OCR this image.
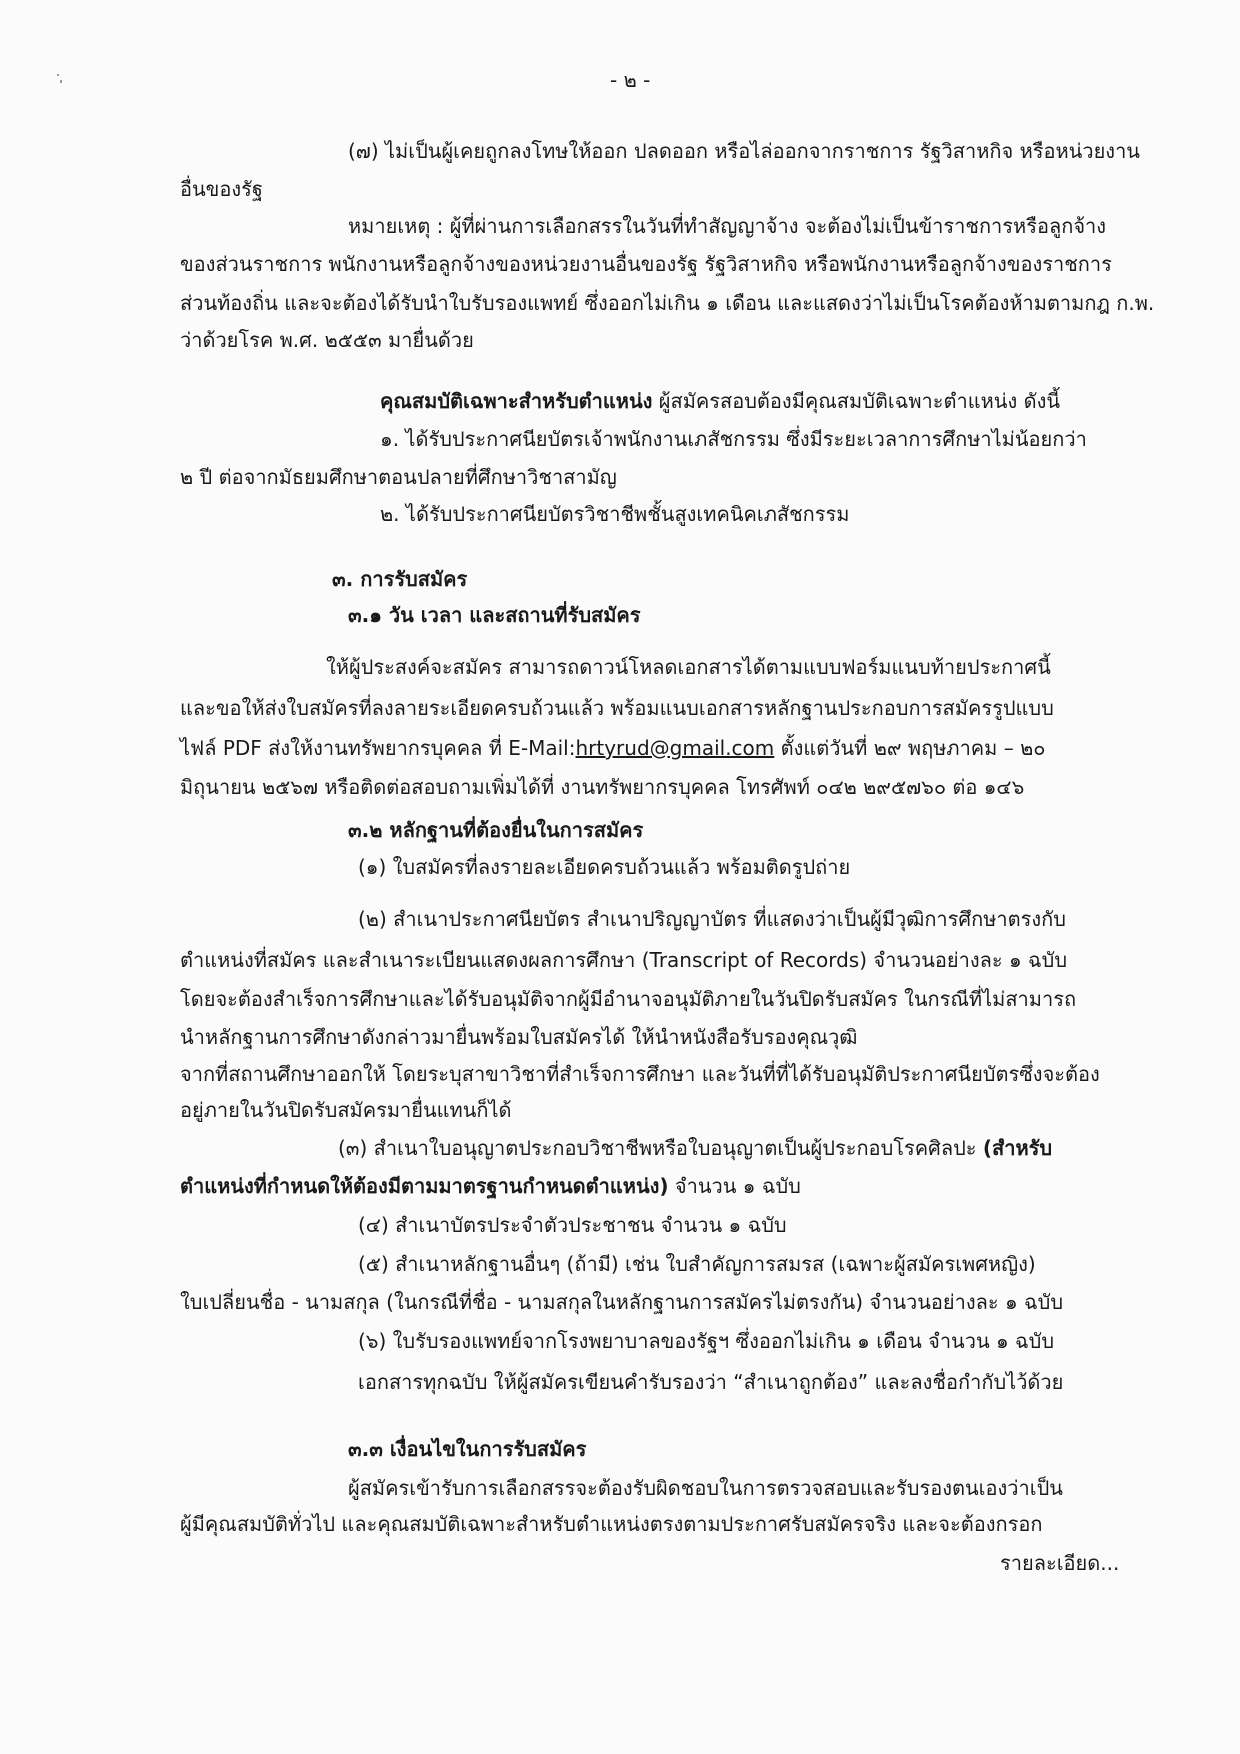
- ๒ -
(๗) ไม่เป็นผู้เคยถูกลงโทษให้ออก ปลดออก หรือไล่ออกจากราชการ รัฐวิสาหกิจ หรือหน่วยงาน
อื่นของรัฐ
หมายเหตุ : ผู้ที่ผ่านการเลือกสรรในวันที่ทำสัญญาจ้าง จะต้องไม่เป็นข้าราชการหรือลูกจ้าง
ของส่วนราชการ พนักงานหรือลูกจ้างของหน่วยงานอื่นของรัฐ รัฐวิสาหกิจ หรือพนักงานหรือลูกจ้างของราชการ
ส่วนท้องถิ่น และจะต้องได้รับนำใบรับรองแพทย์ ซึ่งออกไม่เกิน ๑ เดือน และแสดงว่าไม่เป็นโรคต้องห้ามตามกฎ ก.พ.
ว่าด้วยโรค พ.ศ. ๒๕๕๓ มายื่นด้วย
คุณสมบัติเฉพาะสำหรับตำแหน่ง ผู้สมัครสอบต้องมีคุณสมบัติเฉพาะตำแหน่ง ดังนี้
๑. ได้รับประกาศนียบัตรเจ้าพนักงานเภสัชกรรม ซึ่งมีระยะเวลาการศึกษาไม่น้อยกว่า
๒ ปี ต่อจากมัธยมศึกษาตอนปลายที่ศึกษาวิชาสามัญ
๒. ได้รับประกาศนียบัตรวิชาชีพชั้นสูงเทคนิคเภสัชกรรม
๓. การรับสมัคร
๓.๑ วัน เวลา และสถานที่รับสมัคร
ให้ผู้ประสงค์จะสมัคร สามารถดาวน์โหลดเอกสารได้ตามแบบฟอร์มแนบท้ายประกาศนี้
และขอให้ส่งใบสมัครที่ลงลายระเอียดครบถ้วนแล้ว พร้อมแนบเอกสารหลักฐานประกอบการสมัครรูปแบบ
ไฟล์ PDF ส่งให้งานทรัพยากรบุคคล ที่ E-Mail:hrtyrud@gmail.com ตั้งแต่วันที่ ๒๙ พฤษภาคม – ๒๐
มิถุนายน ๒๕๖๗ หรือติดต่อสอบถามเพิ่มได้ที่ งานทรัพยากรบุคคล โทรศัพท์ ๐๔๒ ๒๙๕๗๖๐ ต่อ ๑๔๖
๓.๒ หลักฐานที่ต้องยื่นในการสมัคร
(๑) ใบสมัครที่ลงรายละเอียดครบถ้วนแล้ว พร้อมติดรูปถ่าย
(๒) สำเนาประกาศนียบัตร สำเนาปริญญาบัตร ที่แสดงว่าเป็นผู้มีวุฒิการศึกษาตรงกับ
ตำแหน่งที่สมัคร และสำเนาระเบียนแสดงผลการศึกษา (Transcript of Records) จำนวนอย่างละ ๑ ฉบับ
โดยจะต้องสำเร็จการศึกษาและได้รับอนุมัติจากผู้มีอำนาจอนุมัติภายในวันปิดรับสมัคร ในกรณีที่ไม่สามารถ
นำหลักฐานการศึกษาดังกล่าวมายื่นพร้อมใบสมัครได้ ให้นำหนังสือรับรองคุณวุฒิ
จากที่สถานศึกษาออกให้ โดยระบุสาขาวิชาที่สำเร็จการศึกษา และวันที่ที่ได้รับอนุมัติประกาศนียบัตรซึ่งจะต้อง
อยู่ภายในวันปิดรับสมัครมายื่นแทนก็ได้
(๓) สำเนาใบอนุญาตประกอบวิชาชีพหรือใบอนุญาตเป็นผู้ประกอบโรคศิลปะ (สำหรับ
ตำแหน่งที่กำหนดให้ต้องมีตามมาตรฐานกำหนดตำแหน่ง) จำนวน ๑ ฉบับ
(๔) สำเนาบัตรประจำตัวประชาชน จำนวน ๑ ฉบับ
(๕) สำเนาหลักฐานอื่นๆ (ถ้ามี) เช่น ใบสำคัญการสมรส (เฉพาะผู้สมัครเพศหญิง)
ใบเปลี่ยนชื่อ - นามสกุล (ในกรณีที่ชื่อ - นามสกุลในหลักฐานการสมัครไม่ตรงกัน) จำนวนอย่างละ ๑ ฉบับ
(๖) ใบรับรองแพทย์จากโรงพยาบาลของรัฐฯ ซึ่งออกไม่เกิน ๑ เดือน จำนวน ๑ ฉบับ
เอกสารทุกฉบับ ให้ผู้สมัครเขียนคำรับรองว่า “สำเนาถูกต้อง” และลงชื่อกำกับไว้ด้วย
๓.๓ เงื่อนไขในการรับสมัคร
ผู้สมัครเข้ารับการเลือกสรรจะต้องรับผิดชอบในการตรวจสอบและรับรองตนเองว่าเป็น
ผู้มีคุณสมบัติทั่วไป และคุณสมบัติเฉพาะสำหรับตำแหน่งตรงตามประกาศรับสมัครจริง และจะต้องกรอก
รายละเอียด...
